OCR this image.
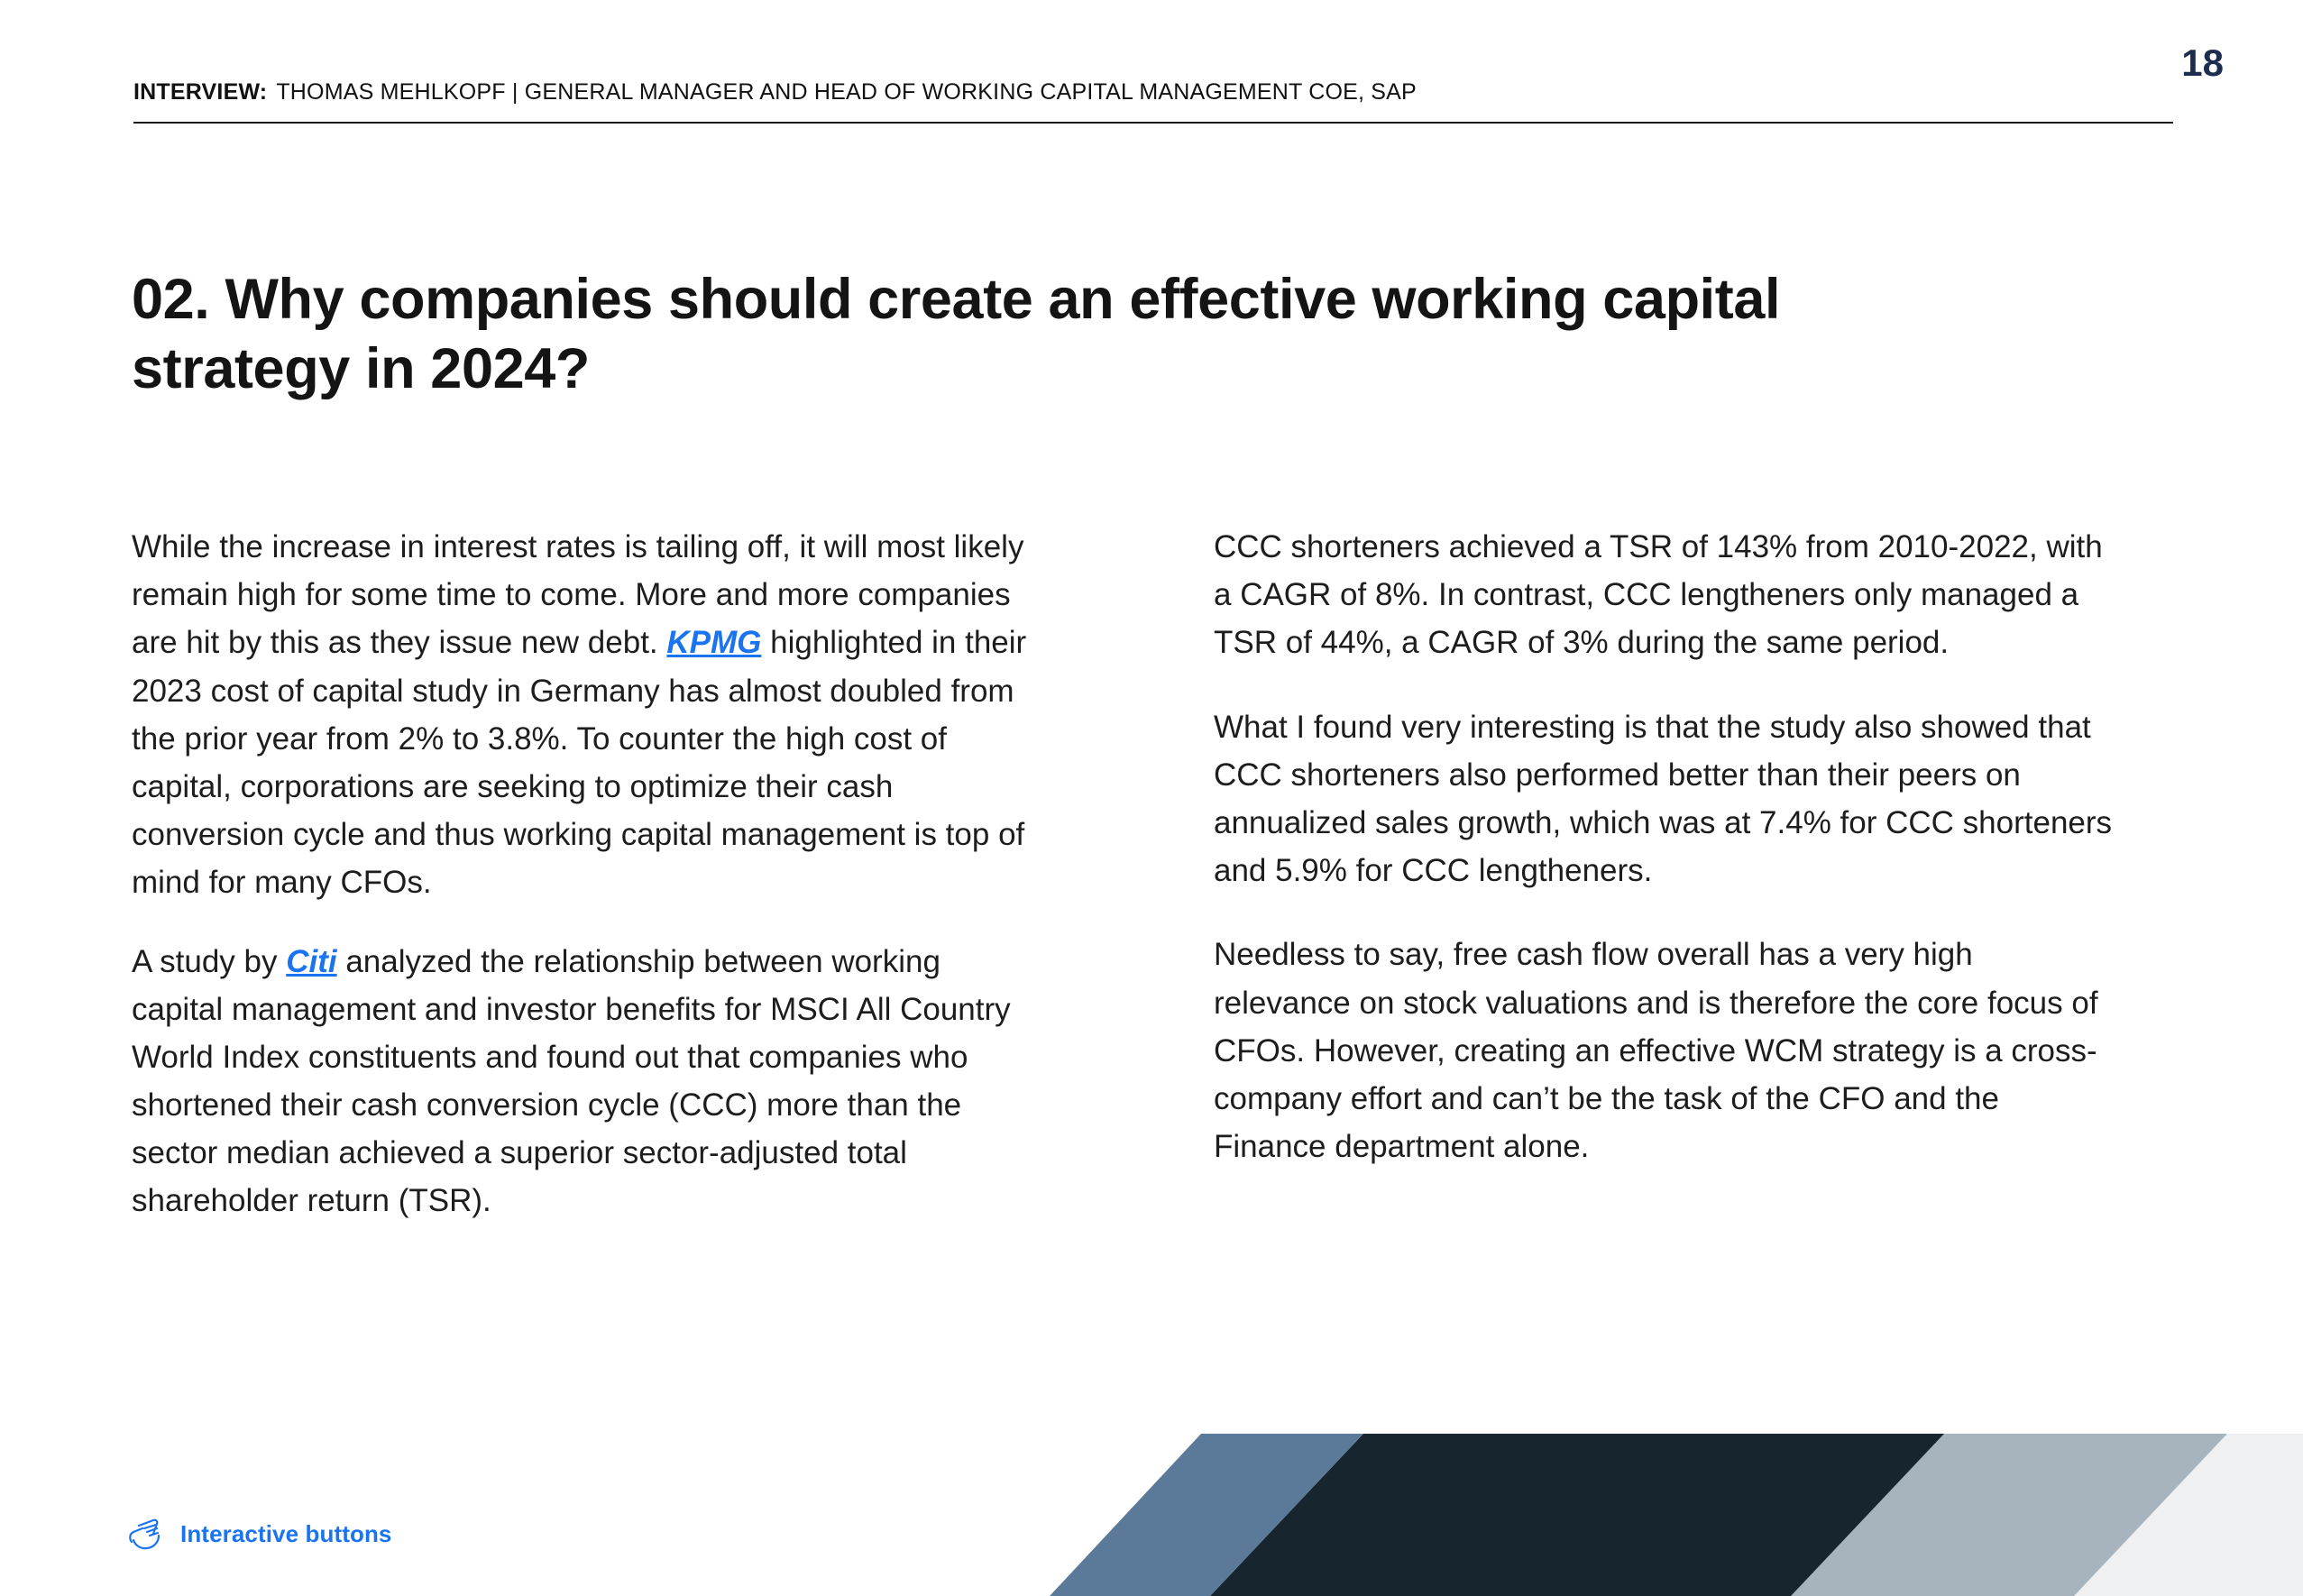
18
INTERVIEW: THOMAS MEHLKOPF | GENERAL MANAGER AND HEAD OF WORKING CAPITAL MANAGEMENT COE, SAP
02. Why companies should create an effective working capital strategy in 2024?

While the increase in interest rates is tailing off, it will most likely remain high for some time to come. More and more companies are hit by this as they issue new debt. KPMG highlighted in their 2023 cost of capital study in Germany has almost doubled from the prior year from 2% to 3.8%. To counter the high cost of capital, corporations are seeking to optimize their cash conversion cycle and thus working capital management is top of mind for many CFOs.

A study by Citi analyzed the relationship between working capital management and investor benefits for MSCI All Country World Index constituents and found out that companies who shortened their cash conversion cycle (CCC) more than the sector median achieved a superior sector-adjusted total shareholder return (TSR).

CCC shorteners achieved a TSR of 143% from 2010-2022, with a CAGR of 8%. In contrast, CCC lengtheners only managed a TSR of 44%, a CAGR of 3% during the same period.

What I found very interesting is that the study also showed that CCC shorteners also performed better than their peers on annualized sales growth, which was at 7.4% for CCC shorteners and 5.9% for CCC lengtheners.

Needless to say, free cash flow overall has a very high relevance on stock valuations and is therefore the core focus of CFOs. However, creating an effective WCM strategy is a cross-company effort and can’t be the task of the CFO and the Finance department alone.

Interactive buttons
